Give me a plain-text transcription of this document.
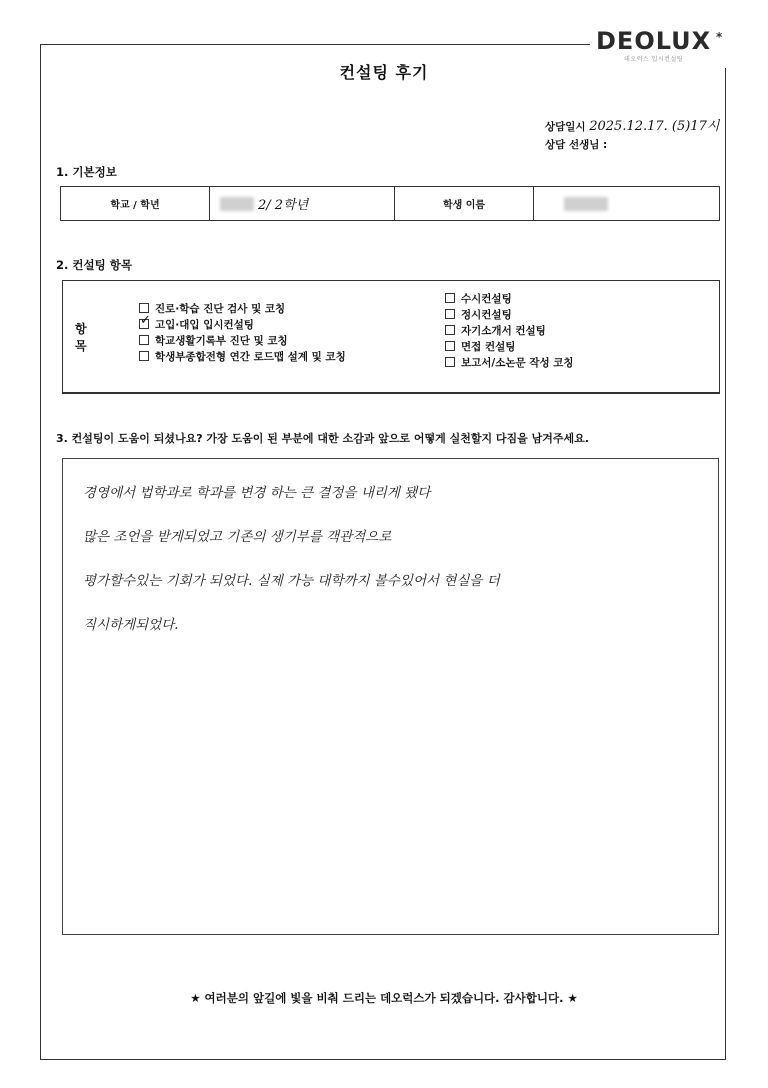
DEOLUX *
데오럭스 입시컨설팅
컨설팅 후기
상담일시 2025.12.17. (5)17시
상담 선생님 :
1. 기본정보
학교 / 학년	2/ 2학년	학생 이름	
2. 컨설팅 항목
항 목
진로·학습 진단 검사 및 코칭
✓ 고입·대입 입시컨설팅
학교생활기록부 진단 및 코칭
학생부종합전형 연간 로드맵 설계 및 코칭
수시컨설팅
정시컨설팅
자기소개서 컨설팅
면접 컨설팅
보고서/소논문 작성 코칭
3. 컨설팅이 도움이 되셨나요? 가장 도움이 된 부분에 대한 소감과 앞으로 어떻게 실천할지 다짐을 남겨주세요.
경영에서 법학과로 학과를 변경 하는 큰 결정을 내리게 됐다
많은 조언을 받게되었고 기존의 생기부를 객관적으로
평가할수있는 기회가 되었다. 실제 가능 대학까지 볼수있어서 현실을 더
직시하게되었다.
★ 여러분의 앞길에 빛을 비춰 드리는 데오럭스가 되겠습니다. 감사합니다. ★
